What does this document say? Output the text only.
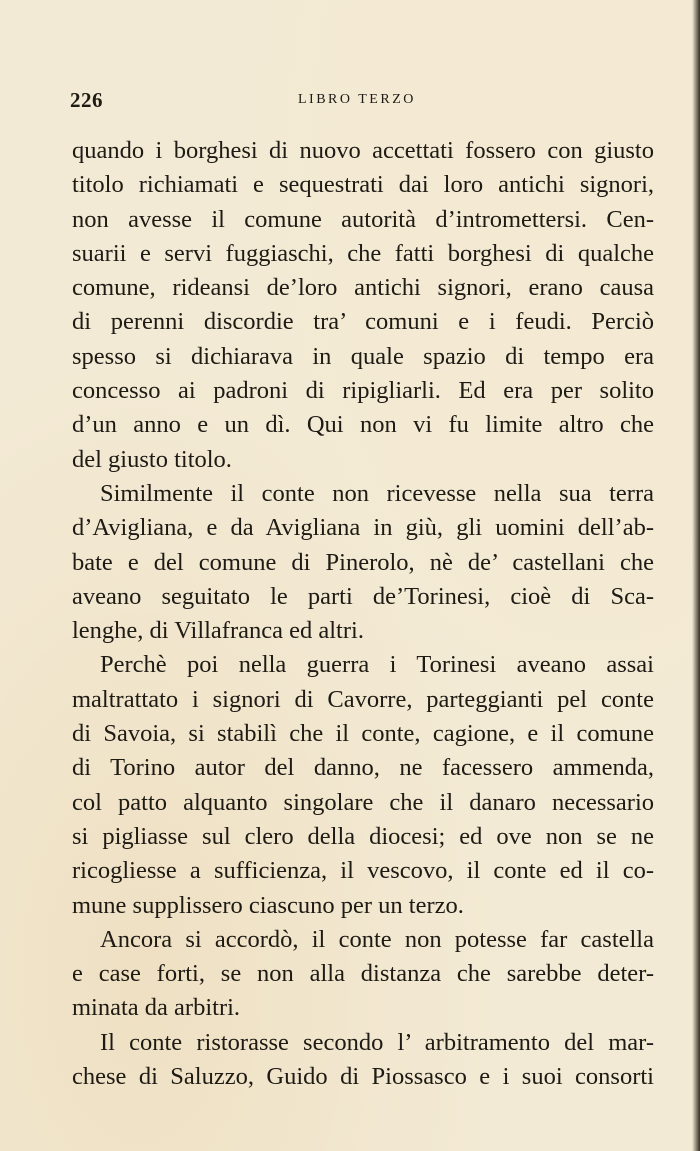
226	LIBRO TERZO
quando i borghesi di nuovo accettati fossero con giusto
titolo richiamati e sequestrati dai loro antichi signori,
non avesse il comune autorità d’intromettersi. Cen-
suarii e servi fuggiaschi, che fatti borghesi di qualche
comune, rideansi de’loro antichi signori, erano causa
di perenni discordie tra’ comuni e i feudi. Perciò
spesso si dichiarava in quale spazio di tempo era
concesso ai padroni di ripigliarli. Ed era per solito
d’un anno e un dì. Qui non vi fu limite altro che
del giusto titolo.
Similmente il conte non ricevesse nella sua terra
d’Avigliana, e da Avigliana in giù, gli uomini dell’ab-
bate e del comune di Pinerolo, nè de’ castellani che
aveano seguitato le parti de’Torinesi, cioè di Sca-
lenghe, di Villafranca ed altri.
Perchè poi nella guerra i Torinesi aveano assai
maltrattato i signori di Cavorre, parteggianti pel conte
di Savoia, si stabilì che il conte, cagione, e il comune
di Torino autor del danno, ne facessero ammenda,
col patto alquanto singolare che il danaro necessario
si pigliasse sul clero della diocesi; ed ove non se ne
ricogliesse a sufficienza, il vescovo, il conte ed il co-
mune supplissero ciascuno per un terzo.
Ancora si accordò, il conte non potesse far castella
e case forti, se non alla distanza che sarebbe deter-
minata da arbitri.
Il conte ristorasse secondo l’ arbitramento del mar-
chese di Saluzzo, Guido di Piossasco e i suoi consorti
